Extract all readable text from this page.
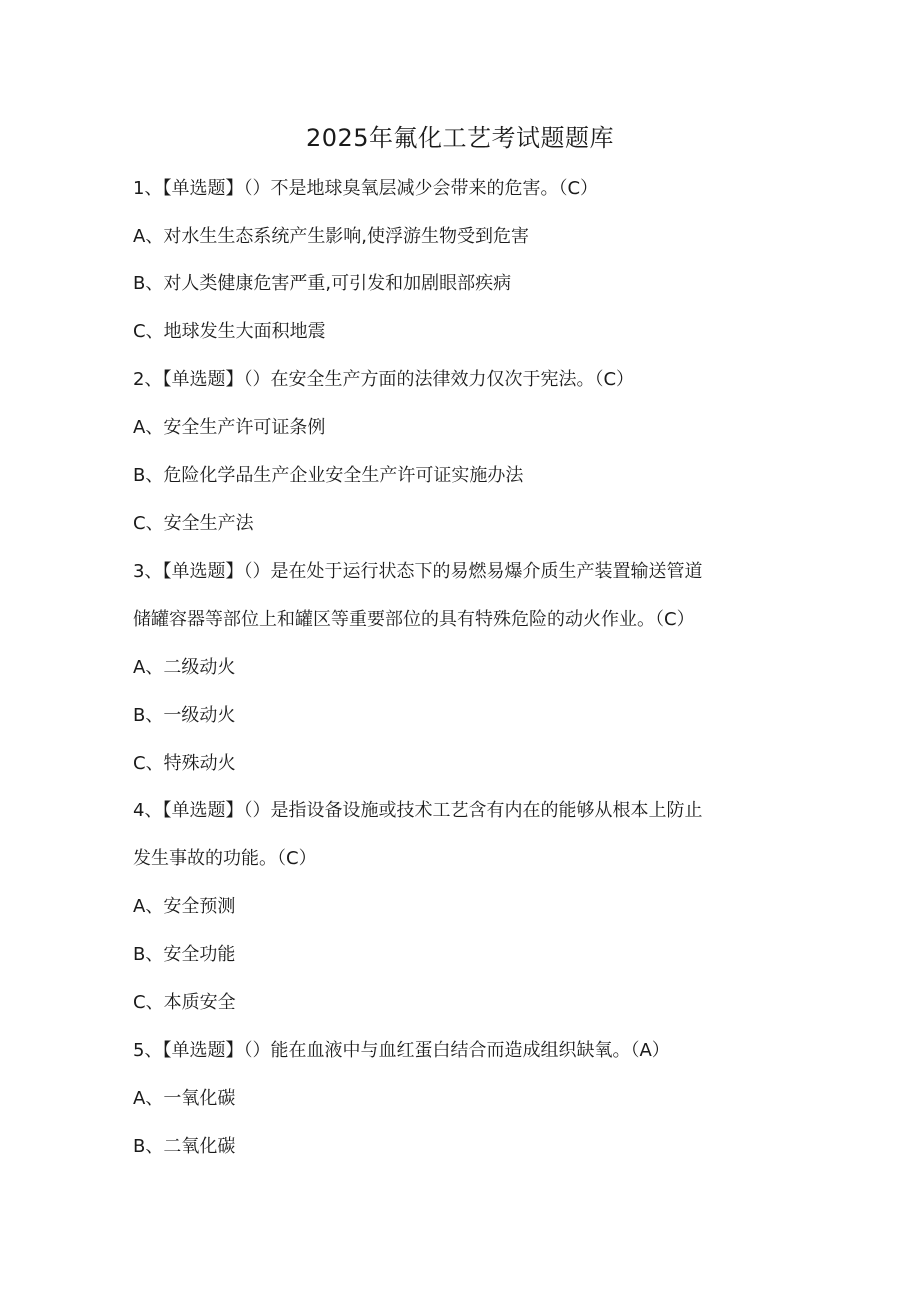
2025年氟化工艺考试题题库
1、【单选题】（）不是地球臭氧层减少会带来的危害。（C）
A、对水生生态系统产生影响,使浮游生物受到危害
B、对人类健康危害严重,可引发和加剧眼部疾病
C、地球发生大面积地震
2、【单选题】（）在安全生产方面的法律效力仅次于宪法。（C）
A、安全生产许可证条例
B、危险化学品生产企业安全生产许可证实施办法
C、安全生产法
3、【单选题】（）是在处于运行状态下的易燃易爆介质生产装置输送管道
储罐容器等部位上和罐区等重要部位的具有特殊危险的动火作业。（C）
A、二级动火
B、一级动火
C、特殊动火
4、【单选题】（）是指设备设施或技术工艺含有内在的能够从根本上防止
发生事故的功能。（C）
A、安全预测
B、安全功能
C、本质安全
5、【单选题】（）能在血液中与血红蛋白结合而造成组织缺氧。（A）
A、一氧化碳
B、二氧化碳
